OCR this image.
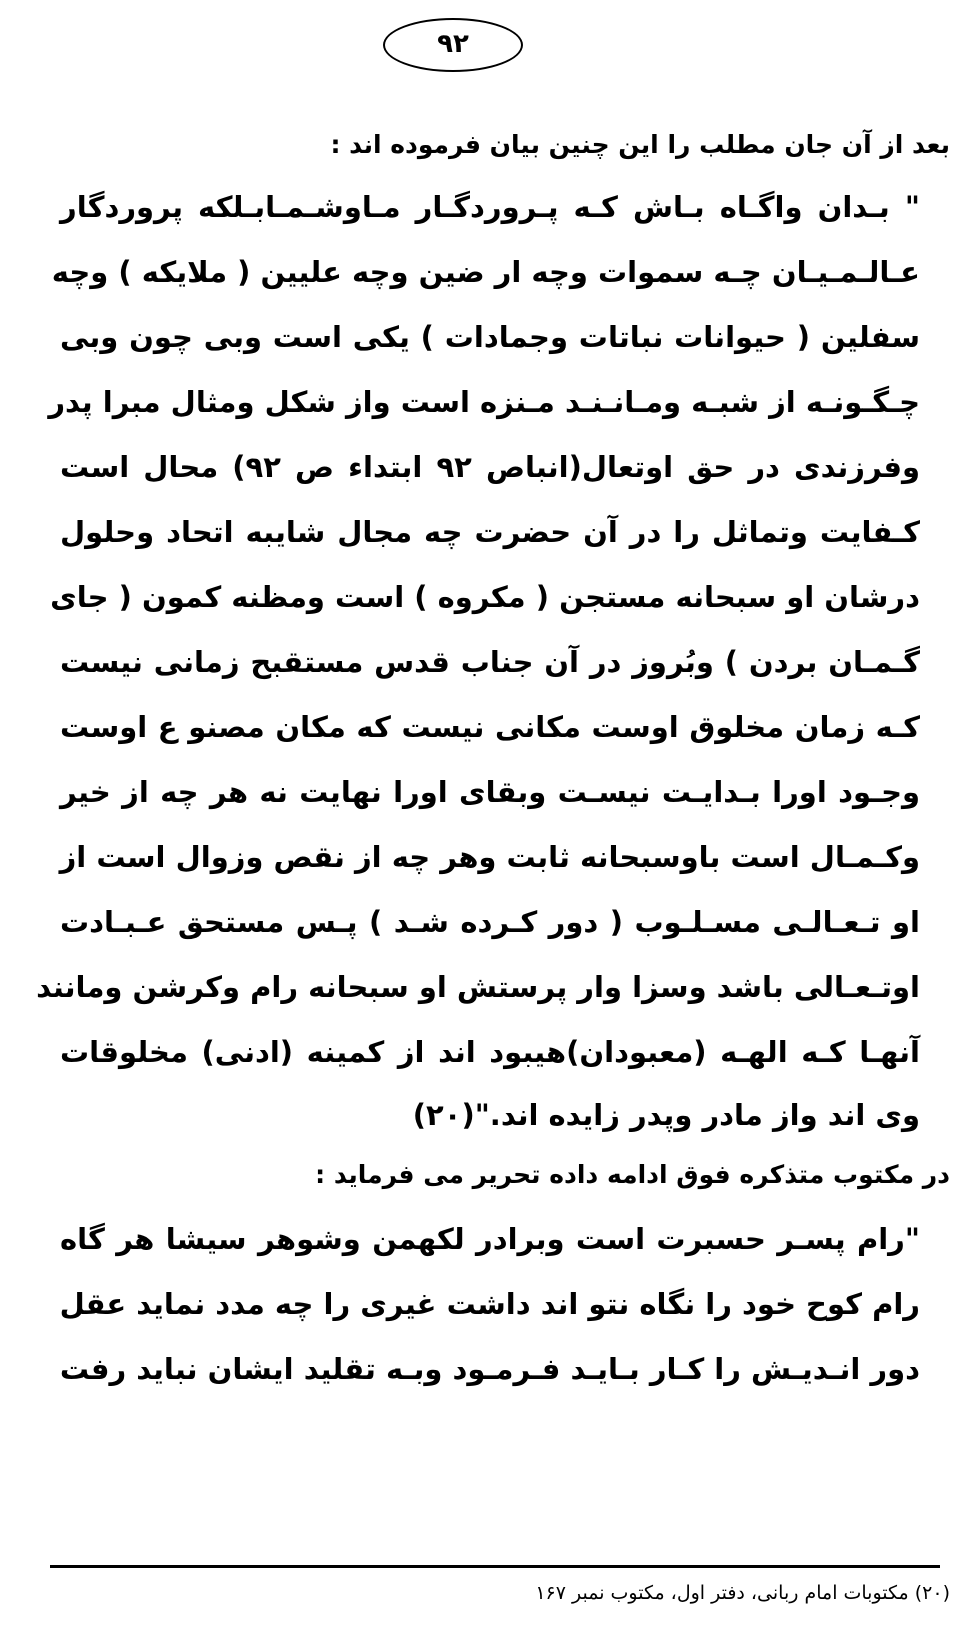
۹۲
بعد از آن جان مطلب را این چنین بیان فرموده اند :
" بـدان واگـاه بـاش کـه پـروردگـار مـاوشـمـابـلکه پروردگار
عـالـمـیـان چـه سموات وچه ار ضین وچه علیین ( ملایکه ) وچه
سفلین ( حیوانات نباتات وجمادات ) یکی است وبی چون وبی
چـگـونـه از شبـه ومـانـنـد مـنزه است واز شکل ومثال مبرا پدر
وفرزندی در حق اوتعال(انباص ۹۲ ابتداء ص ۹۲) محال است
کـفایت وتماثل را در آن حضرت چه مجال شایبه اتحاد وحلول
درشان او سبحانه مستجن ( مکروه ) است ومظنه کمون ( جای
گـمـان بردن ) وبُروز در آن جناب قدس مستقبح زمانی نیست
کـه زمان مخلوق اوست مکانی نیست که مکان مصنو ع اوست
وجـود اورا بـدایـت نیسـت وبقای اورا نهایت نه هر چه از خیر
وکـمـال است باوسبحانه ثابت وهر چه از نقص وزوال است از
او تـعـالـی مسـلـوب ( دور کـرده شـد ) پـس مستحق عـبـادت
اوتـعـالی باشد وسزا وار پرستش او سبحانه رام وکرشن ومانند
آنهـا کـه الهـه (معبودان)هیبود اند از کمینه (ادنی) مخلوقات
وی اند واز مادر وپدر زایده اند."(۲۰)
در مکتوب متذکره فوق ادامه داده تحریر می فرماید :
"رام پسـر حسبرت است وبرادر لکهمن وشوهر سیشا هر گاه
رام کوح خود را نگاه نتو اند داشت غیری را چه مدد نماید عقل
دور انـدیـش را کـار بـایـد فـرمـود وبـه تقلید ایشان نباید رفت
(۲۰) مکتوبات امام ربانی، دفتر اول، مکتوب نمبر ۱۶۷
